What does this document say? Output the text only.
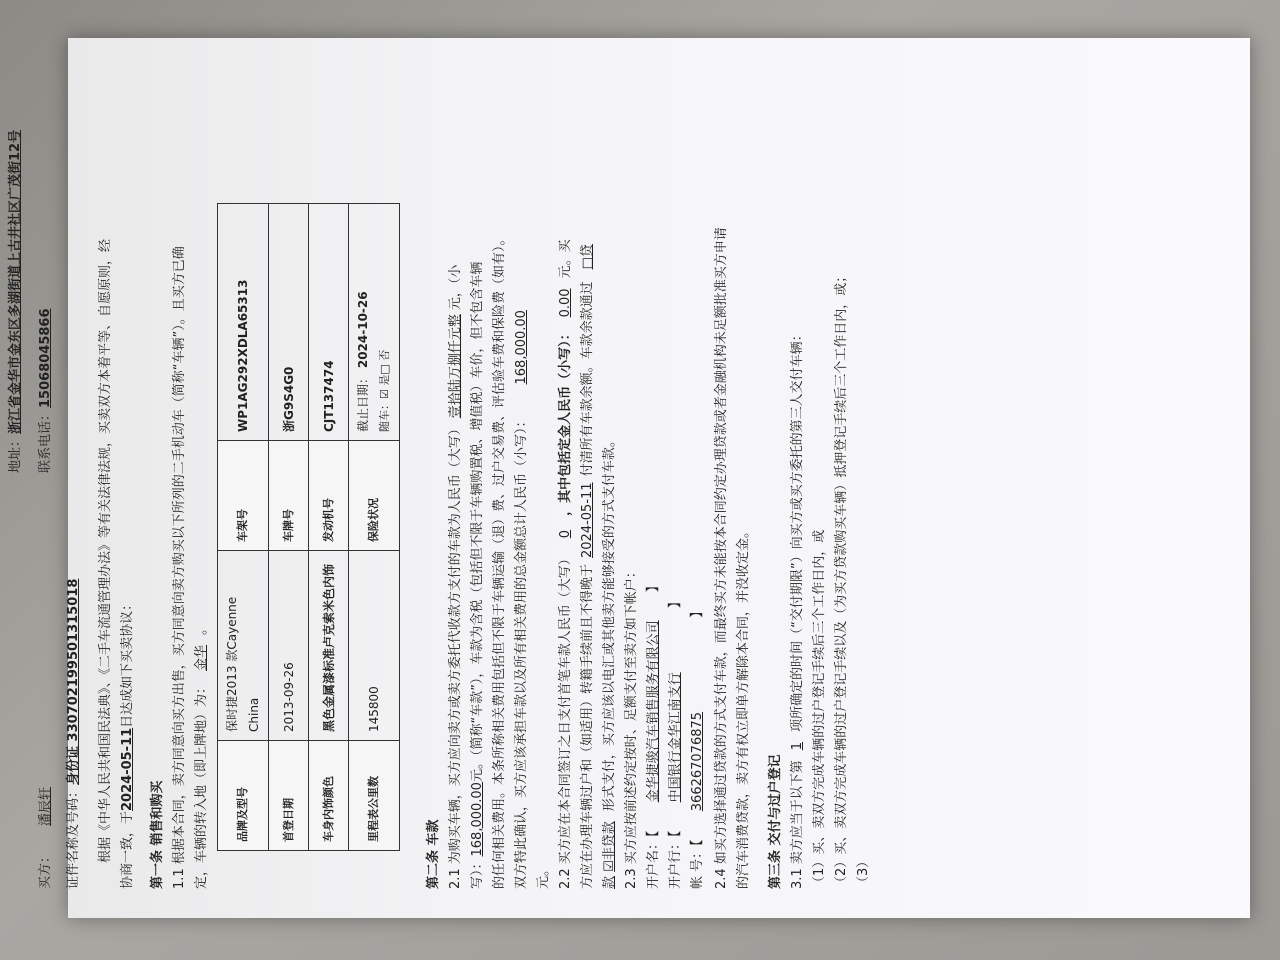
地址：浙江省金华市金东区多湖街道上古井社区广茂街12号
买方：潘辰轩
联系电话：15068045866
证件名称及号码：身份证 330702199501315018	根据《中华人民共和国民法典》、《二手车流通管理办法》等有关法律法规，买卖双方本着平等、自愿原则，经 协商一致，于2024-05-11日达成如下买卖协议：
第一条 销售和购买 1.1 根据本合同，卖方同意向买方出售，买方同意向卖方购买以下所列的二手机动车（简称“车辆”）。且买方已确 定，车辆的转入地（即上牌地）为：金华。
品牌及型号	保时捷2013 款Cayenne China	车架号	WP1AG292XDLA65313
首登日期	2013-09-26	车牌号	浙G9S4G0
车身内饰颜色	黑色金属漆标准卢克索米色内饰	发动机号	CJT137474
里程表公里数	145800	保险状况	截止日期： 2024-10-26
随车：☑ 是□ 否
第二条 车款 2.1 为购买车辆，买方应向卖方或卖方委托代收款方支付的车款为人民币（大写）壹拾陆万捌仟元整元，（小
写）：168,000.00元。（简称“车款”），车款为含税（包括但不限于车辆购置税、增值税）车价，但不包含车辆 的任何相关费用。本条所称相关费用包括但不限于车辆运输（退）费、过户交易费、评估验车费和保险费（如有）。 双方特此确认，买方应该承担车款以及所有相关费用的总金额总计人民币（小写）：168,000.00
元。 2.2 买方应在本合同签订之日支付首笔车款人民币（大写）0，其中包括定金人民币（小写）：0.00元。买
方应在办理车辆过户和（如适用）转籍手续前且不得晚于2024-05-11付清所有车款余额。车款余款通过□贷
款 ☑非贷款形式支付，买方应该以电汇或其他卖方能够接受的方式支付车款。 2.3 买方应按前述约定按时、足额支付至卖方如下帐户： 开户名：【 金华捷骏汽车销售服务有限公司 】
开户行：【 中国银行金华江南支行 】
帐 号：【 366267076875 】 2.4 如买方选择通过贷款的方式支付车款，而最终买方未能按本合同约定办理贷款或者金融机构未足额批准买方申请 的汽车消费贷款，卖方有权立即单方解除本合同，并没收定金。	第三条 交付与过户登记 3.1 卖方应当于以下第1项所确定的时间（“交付期限”）向买方或买方委托的第三人交付车辆： （1）买、卖双方完成车辆的过户登记手续后三个工作日内，或 （2）买、卖双方完成车辆的过户登记手续以及（为买方贷款购买车辆）抵押登记手续后三个工作日内，或； （3）
